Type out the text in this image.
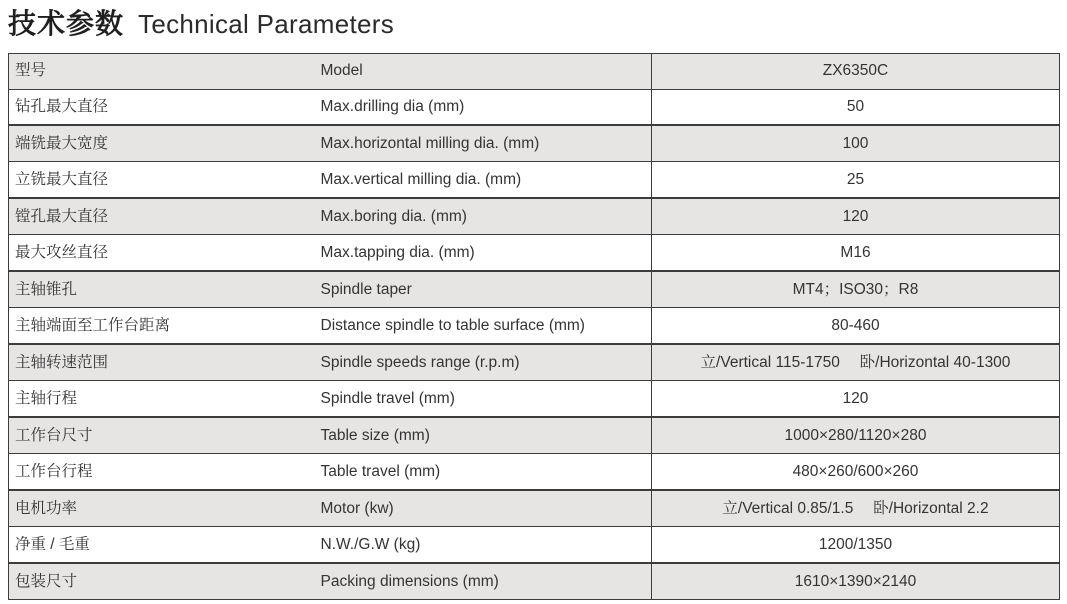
技术参数 Technical Parameters
型号	Model	ZX6350C
钻孔最大直径	Max.drilling dia (mm)	50
端铣最大宽度	Max.horizontal milling dia. (mm)	100
立铣最大直径	Max.vertical milling dia. (mm)	25
镗孔最大直径	Max.boring dia. (mm)	120
最大攻丝直径	Max.tapping dia. (mm)	M16
主轴锥孔	Spindle taper	MT4；ISO30；R8
主轴端面至工作台距离	Distance spindle to table surface (mm)	80-460
主轴转速范围	Spindle speeds range (r.p.m)	立/Vertical 115-1750　 卧/Horizontal 40-1300
主轴行程	Spindle travel (mm)	120
工作台尺寸	Table size (mm)	1000×280/1120×280
工作台行程	Table travel (mm)	480×260/600×260
电机功率	Motor (kw)	立/Vertical 0.85/1.5　 卧/Horizontal 2.2
净重 / 毛重	N.W./G.W (kg)	1200/1350
包装尺寸	Packing dimensions (mm)	1610×1390×2140
